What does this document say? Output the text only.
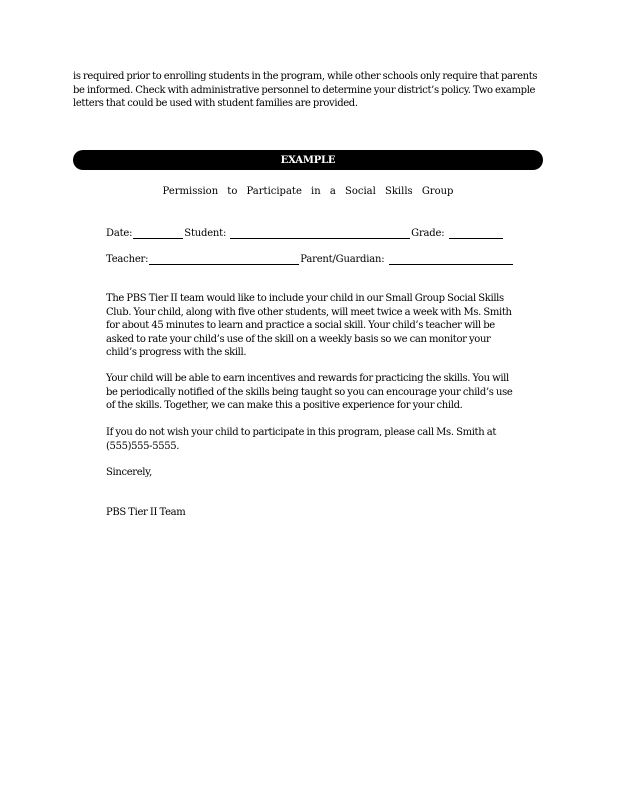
is required prior to enrolling students in the program, while other schools only require that parents be informed. Check with administrative personnel to determine your district’s policy. Two example letters that could be used with student families are provided.

EXAMPLE

Permission to Participate in a Social Skills Group

Date:	Student:	Grade:
Teacher:	Parent/Guardian:

The PBS Tier II team would like to include your child in our Small Group Social Skills Club. Your child, along with five other students, will meet twice a week with Ms. Smith for about 45 minutes to learn and practice a social skill. Your child’s teacher will be asked to rate your child’s use of the skill on a weekly basis so we can monitor your child’s progress with the skill.

Your child will be able to earn incentives and rewards for practicing the skills. You will be periodically notified of the skills being taught so you can encourage your child’s use of the skills. Together, we can make this a positive experience for your child.

If you do not wish your child to participate in this program, please call Ms. Smith at (555)555-5555.

Sincerely,

PBS Tier II Team
